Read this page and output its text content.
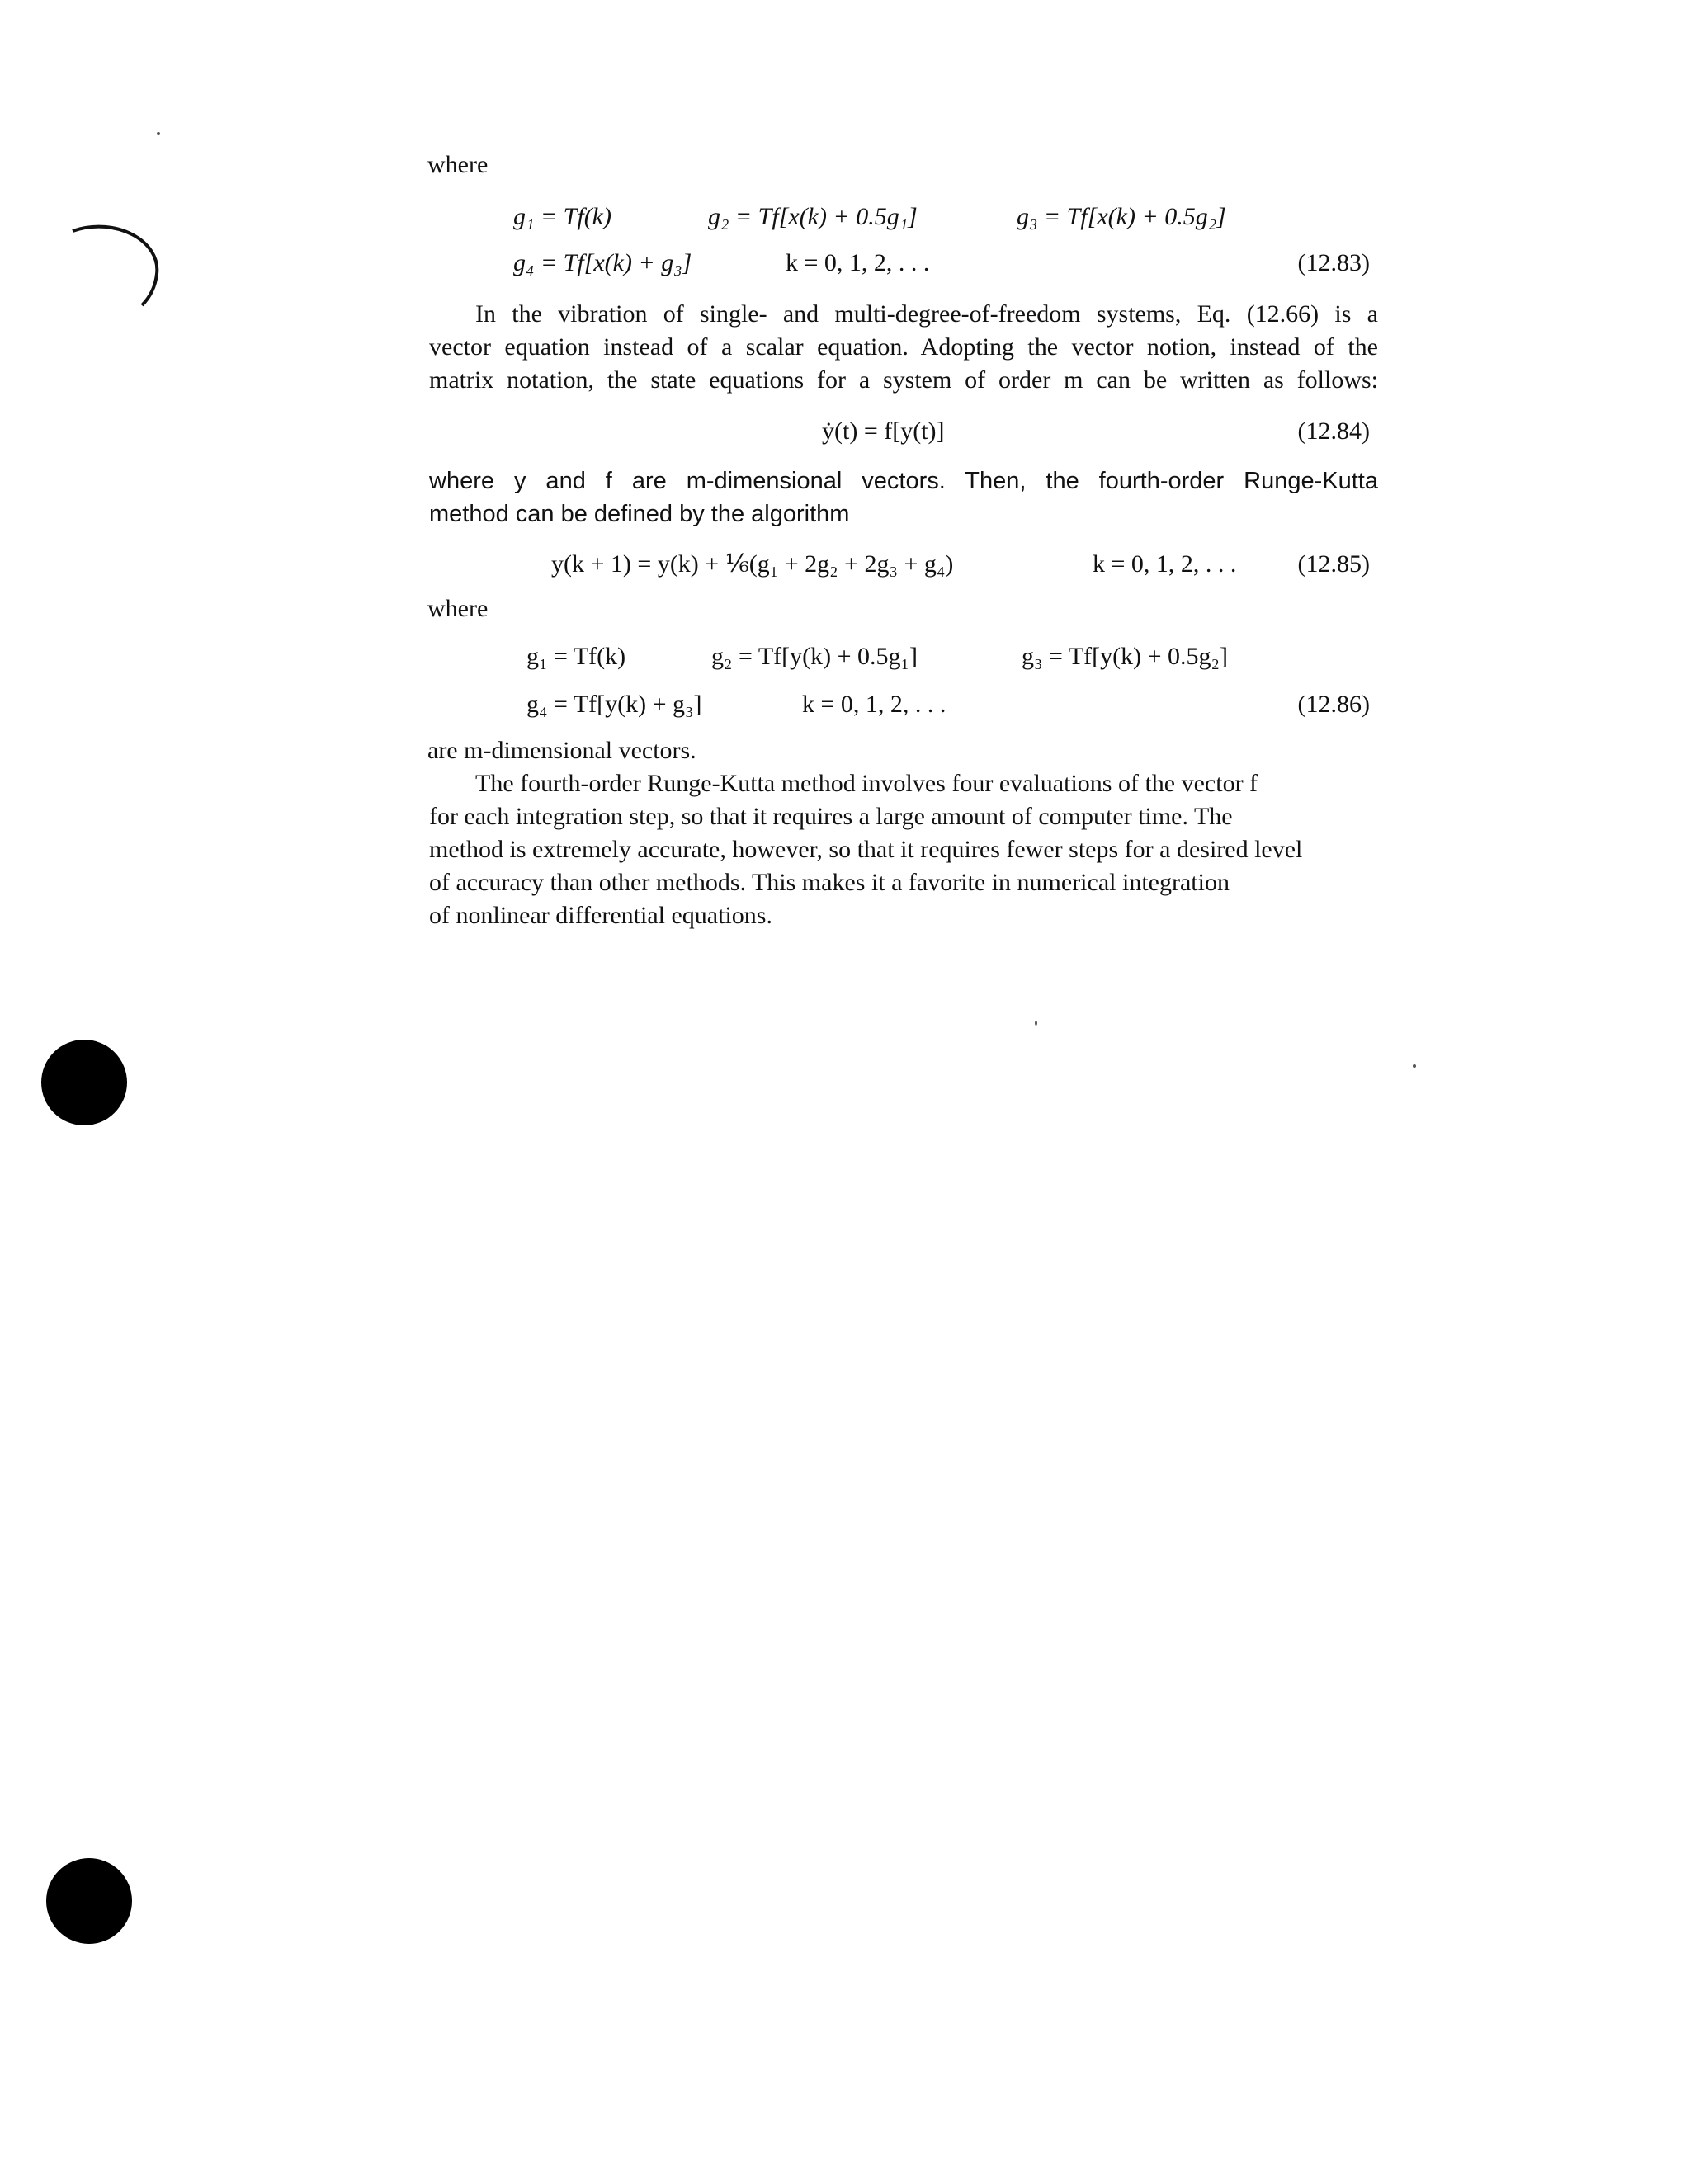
where
g₁ = Tf(k)	g₂ = Tf[x(k) + 0.5g₁]	g₃ = Tf[x(k) + 0.5g₂]
g₄ = Tf[x(k) + g₃]	k = 0, 1, 2, . . .	(12.83)
In the vibration of single- and multi-degree-of-freedom systems, Eq. (12.66) is a
vector equation instead of a scalar equation. Adopting the vector notion, instead of the
matrix notation, the state equations for a system of order m can be written as follows:
ẏ(t) = f[y(t)]	(12.84)
where y and f are m-dimensional vectors. Then, the fourth-order Runge-Kutta
method can be defined by the algorithm
y(k + 1) = y(k) + ⅙(g₁ + 2g₂ + 2g₃ + g₄)	k = 0, 1, 2, . . . (12.85)
where
g₁ = Tf(k)	g₂ = Tf[y(k) + 0.5g₁]	g₃ = Tf[y(k) + 0.5g₂]
g₄ = Tf[y(k) + g₃]	k = 0, 1, 2, . . .	(12.86)
are m-dimensional vectors.
The fourth-order Runge-Kutta method involves four evaluations of the vector f
for each integration step, so that it requires a large amount of computer time. The
method is extremely accurate, however, so that it requires fewer steps for a desired level
of accuracy than other methods. This makes it a favorite in numerical integration
of nonlinear differential equations.
